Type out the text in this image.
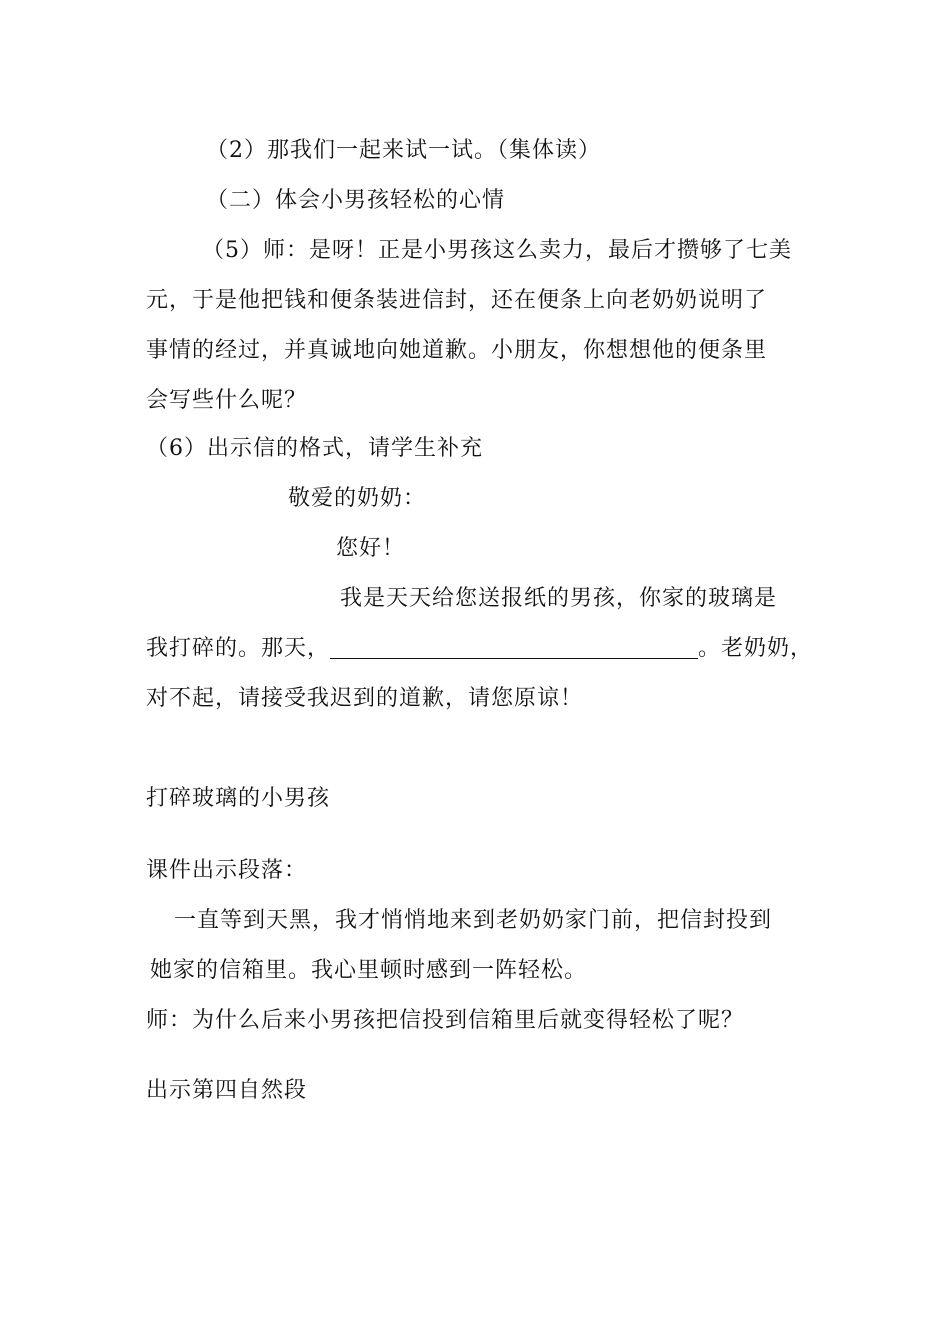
（2）那我们一起来试一试。（集体读）
（二）体会小男孩轻松的心情
（5）师：是呀！正是小男孩这么卖力，最后才攒够了七美
元，于是他把钱和便条装进信封，还在便条上向老奶奶说明了
事情的经过，并真诚地向她道歉。小朋友，你想想他的便条里
会写些什么呢？
（6）出示信的格式，请学生补充
敬爱的奶奶：
您好！
我是天天给您送报纸的男孩，你家的玻璃是
我打碎的。那天，	。老奶奶，
对不起，请接受我迟到的道歉，请您原谅！
打碎玻璃的小男孩
课件出示段落：
一直等到天黑，我才悄悄地来到老奶奶家门前，把信封投到
她家的信箱里。我心里顿时感到一阵轻松。
师：为什么后来小男孩把信投到信箱里后就变得轻松了呢？
出示第四自然段
